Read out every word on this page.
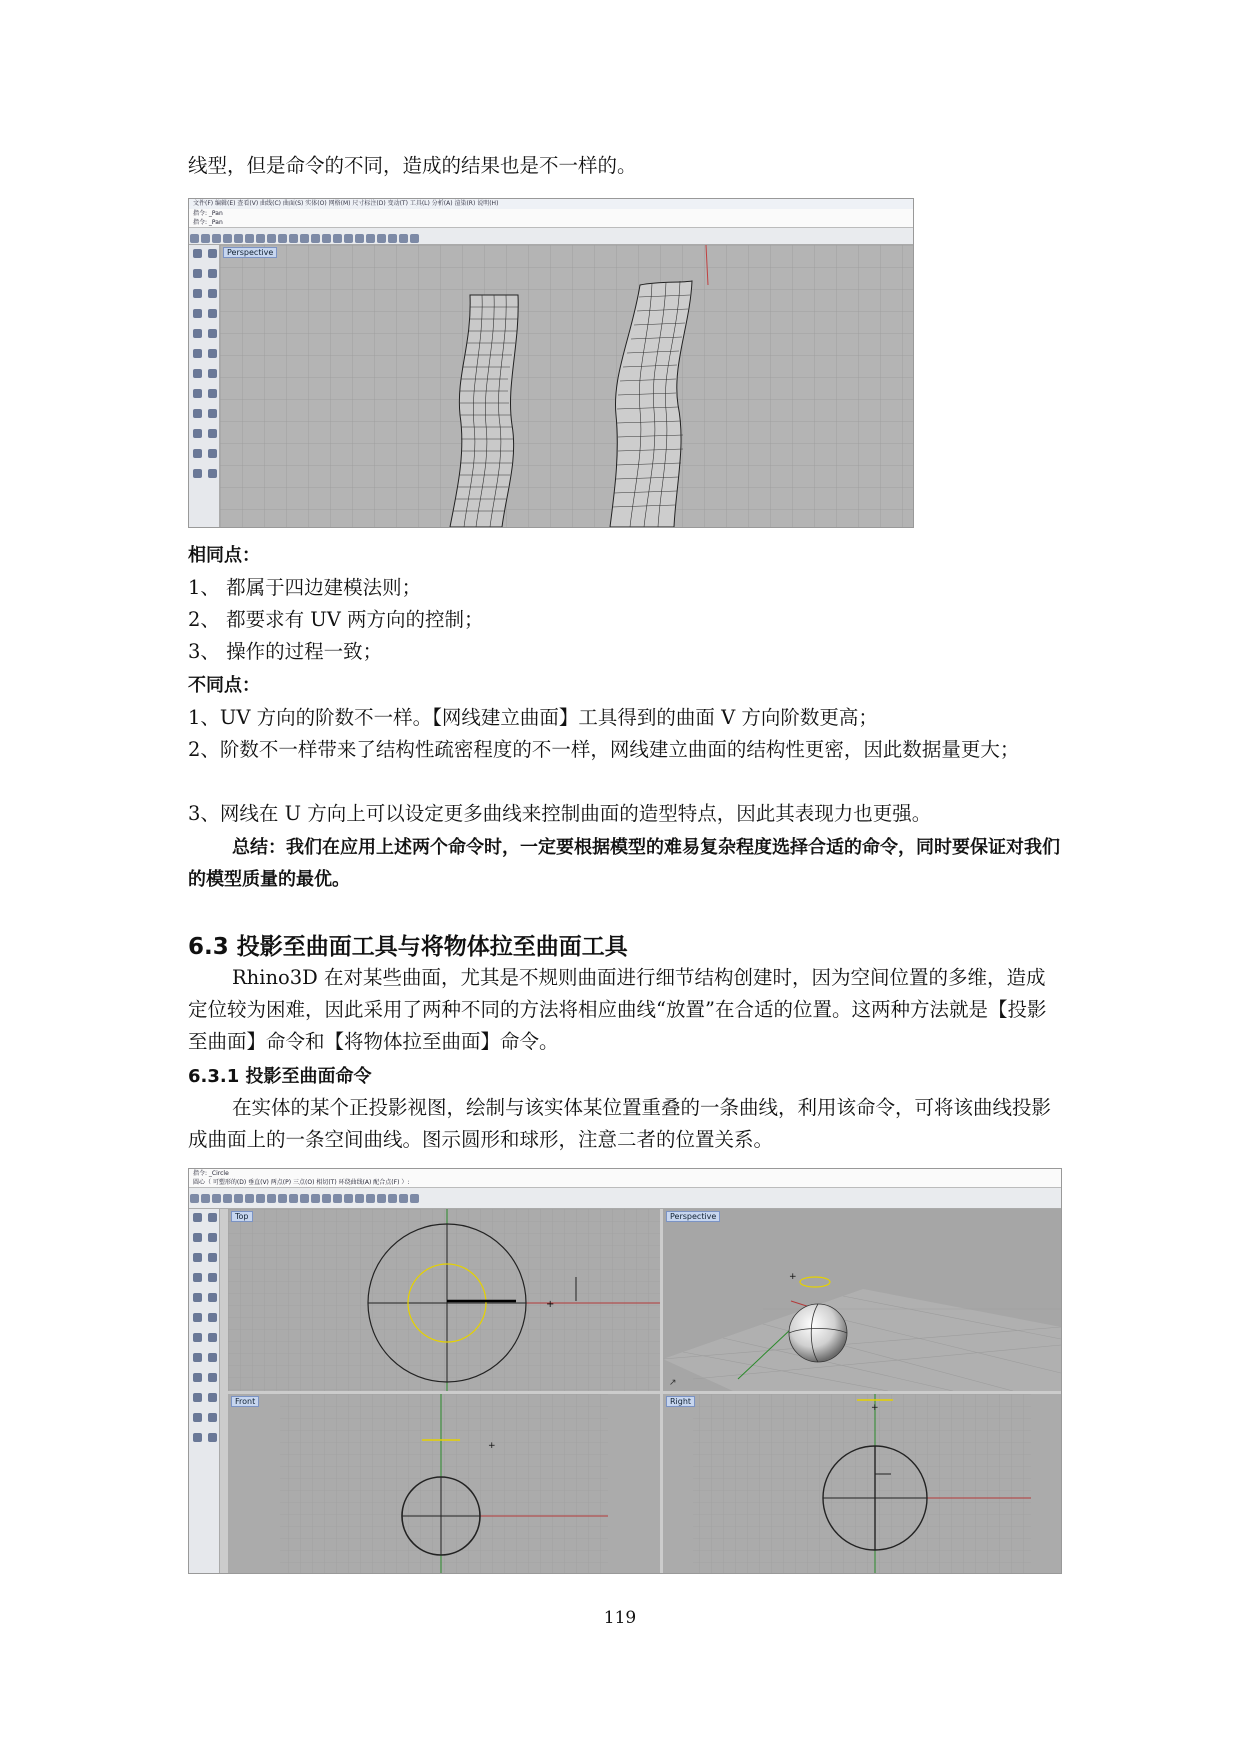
线型，但是命令的不同，造成的结果也是不一样的。
文件(F) 编辑(E) 查看(V) 曲线(C) 曲面(S) 实体(O) 网格(M) 尺寸标注(D) 变动(T) 工具(L) 分析(A) 渲染(R) 说明(H)
指令: _Pan
指令: _Pan
Perspective
相同点：
1、 都属于四边建模法则；
2、 都要求有 UV 两方向的控制；
3、 操作的过程一致；
不同点：
1、UV 方向的阶数不一样。【网线建立曲面】工具得到的曲面 V 方向阶数更高；
2、阶数不一样带来了结构性疏密程度的不一样，网线建立曲面的结构性更密，因此数据量更大；
3、网线在 U 方向上可以设定更多曲线来控制曲面的造型特点，因此其表现力也更强。
总结：我们在应用上述两个命令时，一定要根据模型的难易复杂程度选择合适的命令，同时要保证对我们的模型质量的最优。
6.3 投影至曲面工具与将物体拉至曲面工具
Rhino3D 在对某些曲面，尤其是不规则曲面进行细节结构创建时，因为空间位置的多维，造成定位较为困难，因此采用了两种不同的方法将相应曲线“放置”在合适的位置。这两种方法就是【投影至曲面】命令和【将物体拉至曲面】命令。
6.3.1 投影至曲面命令
在实体的某个正投影视图，绘制与该实体某位置重叠的一条曲线，利用该命令，可将该曲线投影成曲面上的一条空间曲线。图示圆形和球形，注意二者的位置关系。
指令: _Circle
圆心（ 可塑形的(D) 垂直(V) 两点(P) 三点(O) 相切(T) 环绕曲线(A) 配合点(F) ）:
+
Top
+
↗
Perspective
+
Front
+
Right
119
